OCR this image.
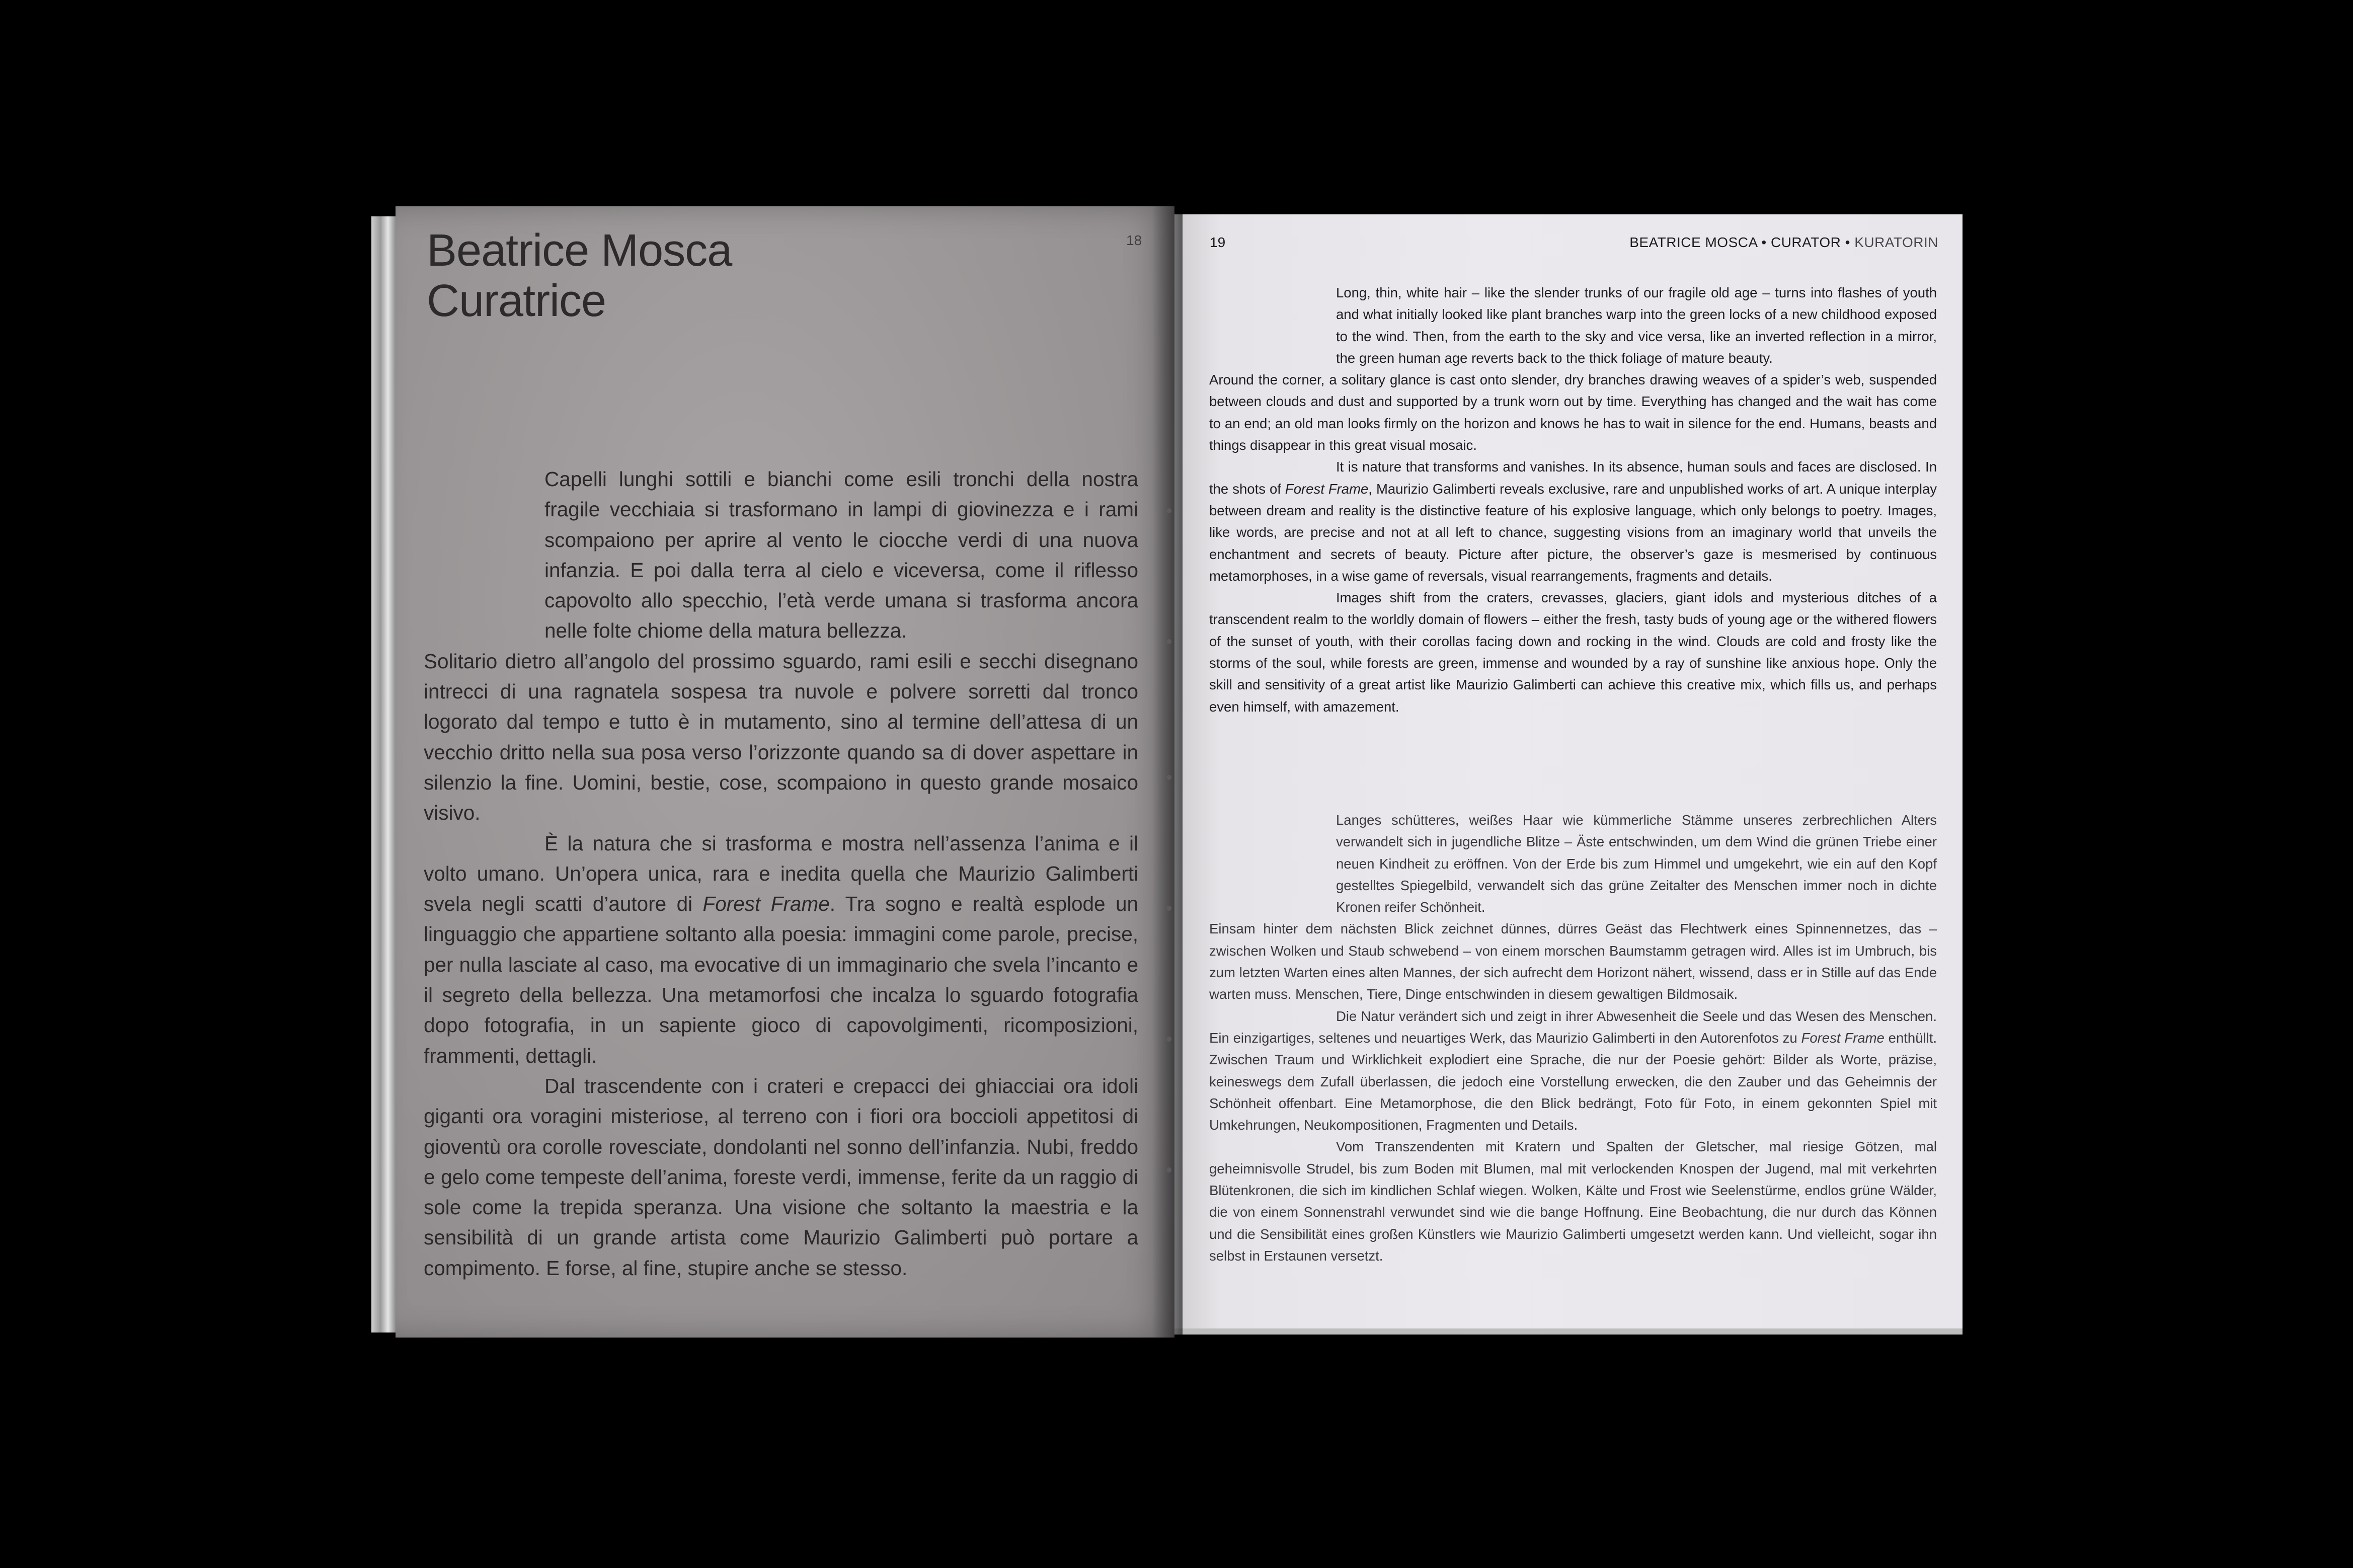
Beatrice Mosca
Curatrice
18

Capelli lunghi sottili e bianchi come esili tronchi della nostra fragile vecchiaia si trasformano in lampi di giovinezza e i rami scompaiono per aprire al vento le ciocche verdi di una nuova infanzia. E poi dalla terra al cielo e viceversa, come il riflesso capovolto allo specchio, l’età verde umana si trasforma ancora nelle folte chiome della matura bellezza.

Solitario dietro all’angolo del prossimo sguardo, rami esili e secchi disegnano intrecci di una ragnatela sospesa tra nuvole e polvere sorretti dal tronco logorato dal tempo e tutto è in mutamento, sino al termine dell’attesa di un vecchio dritto nella sua posa verso l’orizzonte quando sa di dover aspettare in silenzio la fine. Uomini, bestie, cose, scompaiono in questo grande mosaico visivo.

È la natura che si trasforma e mostra nell’assenza l’anima e il volto umano. Un’opera unica, rara e inedita quella che Maurizio Galimberti svela negli scatti d’autore di Forest Frame. Tra sogno e realtà esplode un linguaggio che appartiene soltanto alla poesia: immagini come parole, precise, per nulla lasciate al caso, ma evocative di un immaginario che svela l’incanto e il segreto della bellezza. Una metamorfosi che incalza lo sguardo fotografia dopo fotografia, in un sapiente gioco di capovolgimenti, ricomposizioni, frammenti, dettagli.

Dal trascendente con i crateri e crepacci dei ghiacciai ora idoli giganti ora voragini misteriose, al terreno con i fiori ora boccioli appetitosi di gioventù ora corolle rovesciate, dondolanti nel sonno dell’infanzia. Nubi, freddo e gelo come tempeste dell’anima, foreste verdi, immense, ferite da un raggio di sole come la trepida speranza. Una visione che soltanto la maestria e la sensibilità di un grande artista come Maurizio Galimberti può portare a compimento. E forse, al fine, stupire anche se stesso.

19	BEATRICE MOSCA • CURATOR • KURATORIN

Long, thin, white hair – like the slender trunks of our fragile old age – turns into flashes of youth and what initially looked like plant branches warp into the green locks of a new childhood exposed to the wind. Then, from the earth to the sky and vice versa, like an inverted reflection in a mirror, the green human age reverts back to the thick foliage of mature beauty.

Around the corner, a solitary glance is cast onto slender, dry branches drawing weaves of a spider’s web, suspended between clouds and dust and supported by a trunk worn out by time. Everything has changed and the wait has come to an end; an old man looks firmly on the horizon and knows he has to wait in silence for the end. Humans, beasts and things disappear in this great visual mosaic.

It is nature that transforms and vanishes. In its absence, human souls and faces are disclosed. In the shots of Forest Frame, Maurizio Galimberti reveals exclusive, rare and unpublished works of art. A unique interplay between dream and reality is the distinctive feature of his explosive language, which only belongs to poetry. Images, like words, are precise and not at all left to chance, suggesting visions from an imaginary world that unveils the enchantment and secrets of beauty. Picture after picture, the observer’s gaze is mesmerised by continuous metamorphoses, in a wise game of reversals, visual rearrangements, fragments and details.

Images shift from the craters, crevasses, glaciers, giant idols and mysterious ditches of a transcendent realm to the worldly domain of flowers – either the fresh, tasty buds of young age or the withered flowers of the sunset of youth, with their corollas facing down and rocking in the wind. Clouds are cold and frosty like the storms of the soul, while forests are green, immense and wounded by a ray of sunshine like anxious hope. Only the skill and sensitivity of a great artist like Maurizio Galimberti can achieve this creative mix, which fills us, and perhaps even himself, with amazement.

Langes schütteres, weißes Haar wie kümmerliche Stämme unseres zerbrechlichen Alters verwandelt sich in jugendliche Blitze – Äste entschwinden, um dem Wind die grünen Triebe einer neuen Kindheit zu eröffnen. Von der Erde bis zum Himmel und umgekehrt, wie ein auf den Kopf gestelltes Spiegelbild, verwandelt sich das grüne Zeitalter des Menschen immer noch in dichte Kronen reifer Schönheit.

Einsam hinter dem nächsten Blick zeichnet dünnes, dürres Geäst das Flechtwerk eines Spinnennetzes, das – zwischen Wolken und Staub schwebend – von einem morschen Baumstamm getragen wird. Alles ist im Umbruch, bis zum letzten Warten eines alten Mannes, der sich aufrecht dem Horizont nähert, wissend, dass er in Stille auf das Ende warten muss. Menschen, Tiere, Dinge entschwinden in diesem gewaltigen Bildmosaik.

Die Natur verändert sich und zeigt in ihrer Abwesenheit die Seele und das Wesen des Menschen. Ein einzigartiges, seltenes und neuartiges Werk, das Maurizio Galimberti in den Autorenfotos zu Forest Frame enthüllt. Zwischen Traum und Wirklichkeit explodiert eine Sprache, die nur der Poesie gehört: Bilder als Worte, präzise, keineswegs dem Zufall überlassen, die jedoch eine Vorstellung erwecken, die den Zauber und das Geheimnis der Schönheit offenbart. Eine Metamorphose, die den Blick bedrängt, Foto für Foto, in einem gekonnten Spiel mit Umkehrungen, Neukompositionen, Fragmenten und Details.

Vom Transzendenten mit Kratern und Spalten der Gletscher, mal riesige Götzen, mal geheimnisvolle Strudel, bis zum Boden mit Blumen, mal mit verlockenden Knospen der Jugend, mal mit verkehrten Blütenkronen, die sich im kindlichen Schlaf wiegen. Wolken, Kälte und Frost wie Seelenstürme, endlos grüne Wälder, die von einem Sonnenstrahl verwundet sind wie die bange Hoffnung. Eine Beobachtung, die nur durch das Können und die Sensibilität eines großen Künstlers wie Maurizio Galimberti umgesetzt werden kann. Und vielleicht, sogar ihn selbst in Erstaunen versetzt.
